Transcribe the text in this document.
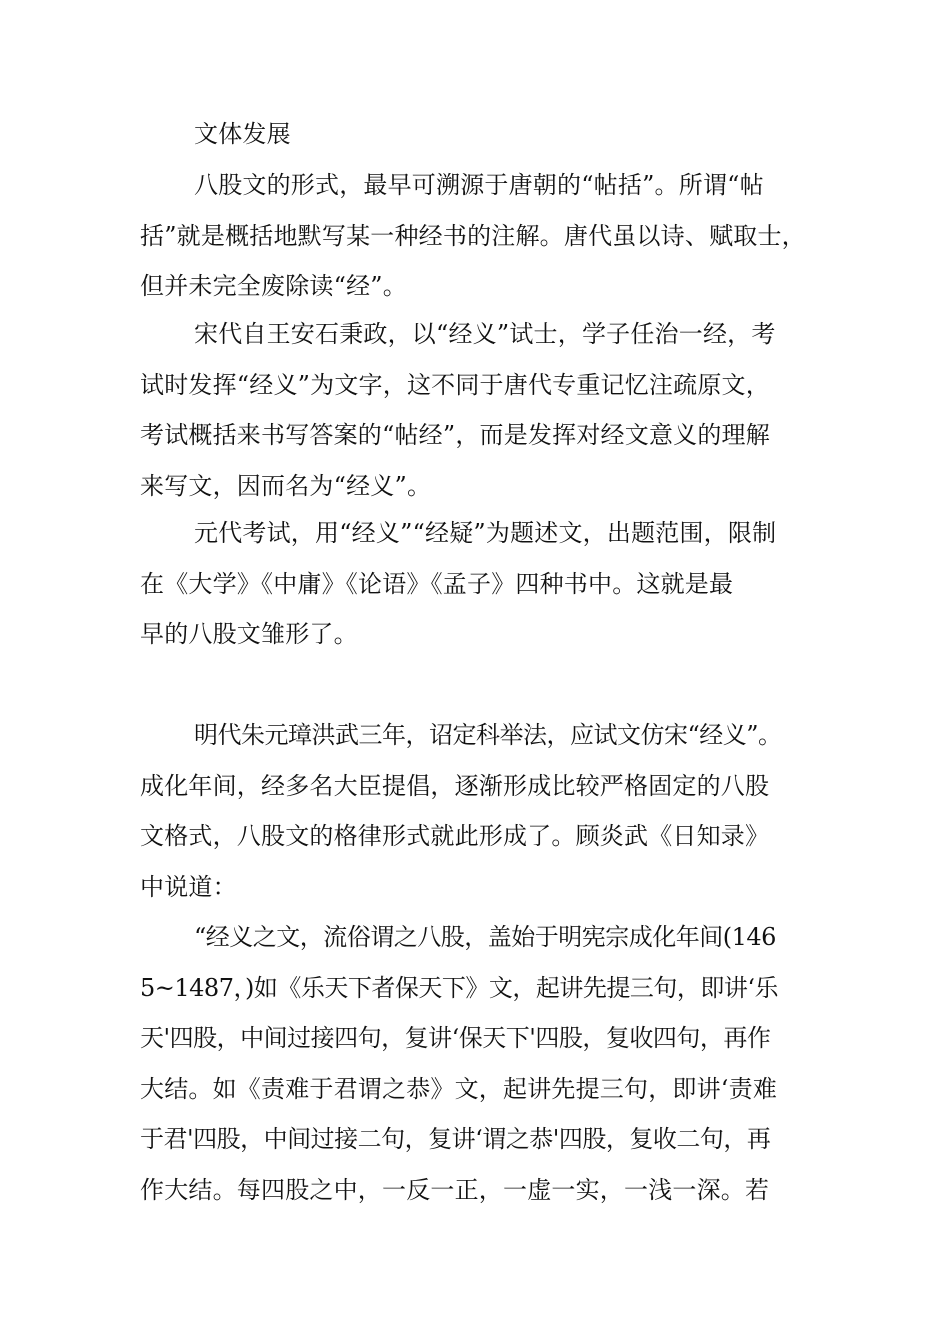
文体发展
八股文的形式，最早可溯源于唐朝的“帖括”。所谓“帖
括”就是概括地默写某一种经书的注解。唐代虽以诗、赋取士，
但并未完全废除读“经”。
宋代自王安石秉政，以“经义”试士，学子任治一经，考
试时发挥“经义”为文字，这不同于唐代专重记忆注疏原文，
考试概括来书写答案的“帖经”，而是发挥对经文意义的理解
来写文，因而名为“经义”。
元代考试，用“经义”“经疑”为题述文，出题范围，限制
在《大学》《中庸》《论语》《孟子》四种书中。这就是最
早的八股文雏形了。
明代朱元璋洪武三年，诏定科举法，应试文仿宋“经义”。
成化年间，经多名大臣提倡，逐渐形成比较严格固定的八股
文格式，八股文的格律形式就此形成了。顾炎武《日知录》
中说道：
“经义之文，流俗谓之八股，盖始于明宪宗成化年间(146
5~1487，)如《乐天下者保天下》文，起讲先提三句，即讲‘乐
天'四股，中间过接四句，复讲‘保天下'四股，复收四句，再作
大结。如《责难于君谓之恭》文，起讲先提三句，即讲‘责难
于君'四股，中间过接二句，复讲‘谓之恭'四股，复收二句，再
作大结。每四股之中，一反一正，一虚一实，一浅一深。若
